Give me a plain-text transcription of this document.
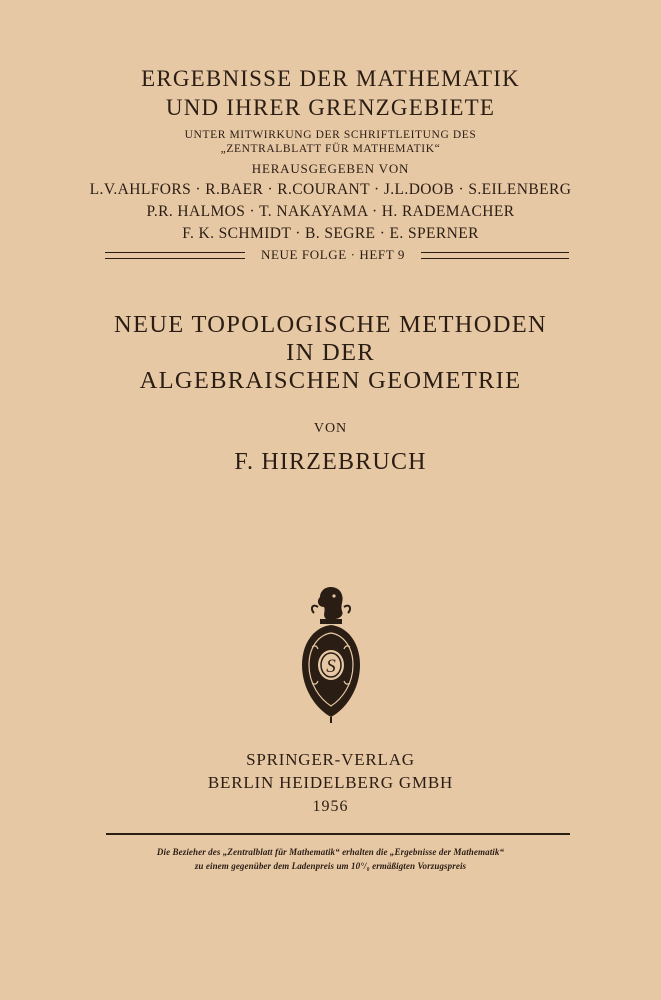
ERGEBNISSE DER MATHEMATIK
UND IHRER GRENZGEBIETE
UNTER MITWIRKUNG DER SCHRIFTLEITUNG DES
„ZENTRALBLATT FÜR MATHEMATIK“
HERAUSGEGEBEN VON
L.V.AHLFORS · R.BAER · R.COURANT · J.L.DOOB · S.EILENBERG
P.R. HALMOS · T. NAKAYAMA · H. RADEMACHER
F. K. SCHMIDT · B. SEGRE · E. SPERNER
NEUE FOLGE · HEFT 9
NEUE TOPOLOGISCHE METHODEN
IN DER
ALGEBRAISCHEN GEOMETRIE
VON
F. HIRZEBRUCH
S
SPRINGER-VERLAG
BERLIN HEIDELBERG GMBH
1956
Die Bezieher des „Zentralblatt für Mathematik“ erhalten die „Ergebnisse der Mathematik“
zu einem gegenüber dem Ladenpreis um 10°/₀ ermäßigten Vorzugspreis
